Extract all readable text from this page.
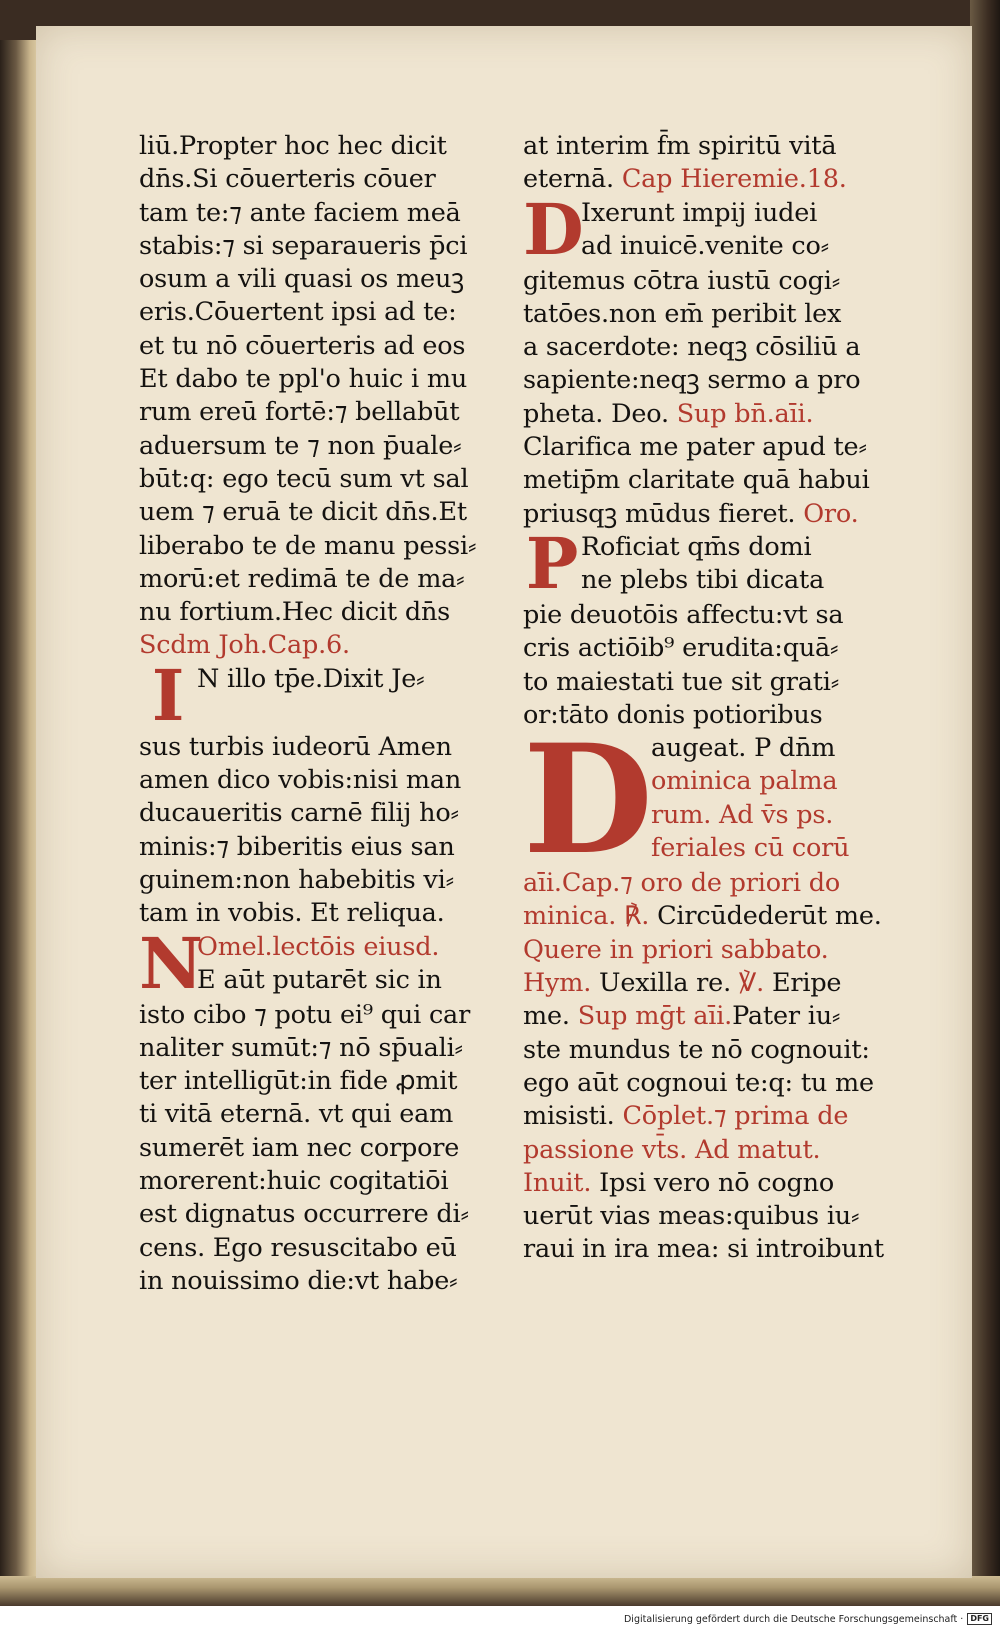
liū.Propter hoc hec dicit
dn̄s.Si cōuerteris cōuer
tam te:⁊ ante faciem meā
stabis:⁊ si separaueris p̄ci
osum a vili quasi os meuꝫ
eris.Cōuertent ipsi ad te:
et tu nō cōuerteris ad eos
Et dabo te ppl'o huic i mu
rum ereū fortē:⁊ bellabūt
aduersum te ⁊ non p̄uale⸗
būt:q: ego tecū sum vt sal
uem ⁊ eruā te dicit dn̄s.Et
liberabo te de manu pessi⸗
morū:et redimā te de ma⸗
nu fortium.Hec dicit dn̄s
Scdm Joh.Cap.6.
I N illo tp̄e.Dixit Je⸗
sus turbis iudeorū Amen
amen dico vobis:nisi man
ducaueritis carnē filij ho⸗
minis:⁊ biberitis eius san
guinem:non habebitis vi⸗
tam in vobis. Et reliqua.
N
Omel.lectōis eiusd.
E aūt putarēt sic in
isto cibo ⁊ potu ei⁹ qui car
naliter sumūt:⁊ nō sp̄uali⸗
ter intelligūt:in fide ꝓmit
ti vitā eternā. vt qui eam
sumerēt iam nec corpore
morerent:huic cogitatiōi
est dignatus occurrere di⸗
cens. Ego resuscitabo eū
in nouissimo die:vt habe⸗
at interim f̄m spiritū vitā
eternā. Cap Hieremie.18.
D
Ixerunt impij iudei
ad inuicē.venite co⸗
gitemus cōtra iustū cogi⸗
tatōes.non em̄ peribit lex
a sacerdote: neqꝫ cōsiliū a
sapiente:neqꝫ sermo a pro
pheta. Deo. Sup bn̄.aīi.
Clarifica me pater apud te⸗
metip̄m claritate quā habui
priusqꝫ mūdus fieret. Oro.
P Roficiat qm̄s domi
ne plebs tibi dicata
pie deuotōis affectu:vt sa
cris actiōib⁹ erudita:quā⸗
to maiestati tue sit grati⸗
or:tāto donis potioribus
D
augeat. P dn̄m
ominica palma
rum. Ad v̄s ps.
feriales cū corū
aīi.Cap.⁊ oro de priori do
minica. ℟. Circūdederūt me.
Quere in priori sabbato.
Hym. Uexilla re. ℣. Eripe
me. Sup mḡt aīi.Pater iu⸗
ste mundus te nō cognouit:
ego aūt cognoui te:q: tu me
misisti. Cōplet.⁊ prima de
passione vt̄s. Ad matut.
Inuit. Ipsi vero nō cogno
uerūt vias meas:quibus iu⸗
raui in ira mea: si introibunt
Digitalisierung gefördert durch die Deutsche Forschungsgemeinschaft · DFG
